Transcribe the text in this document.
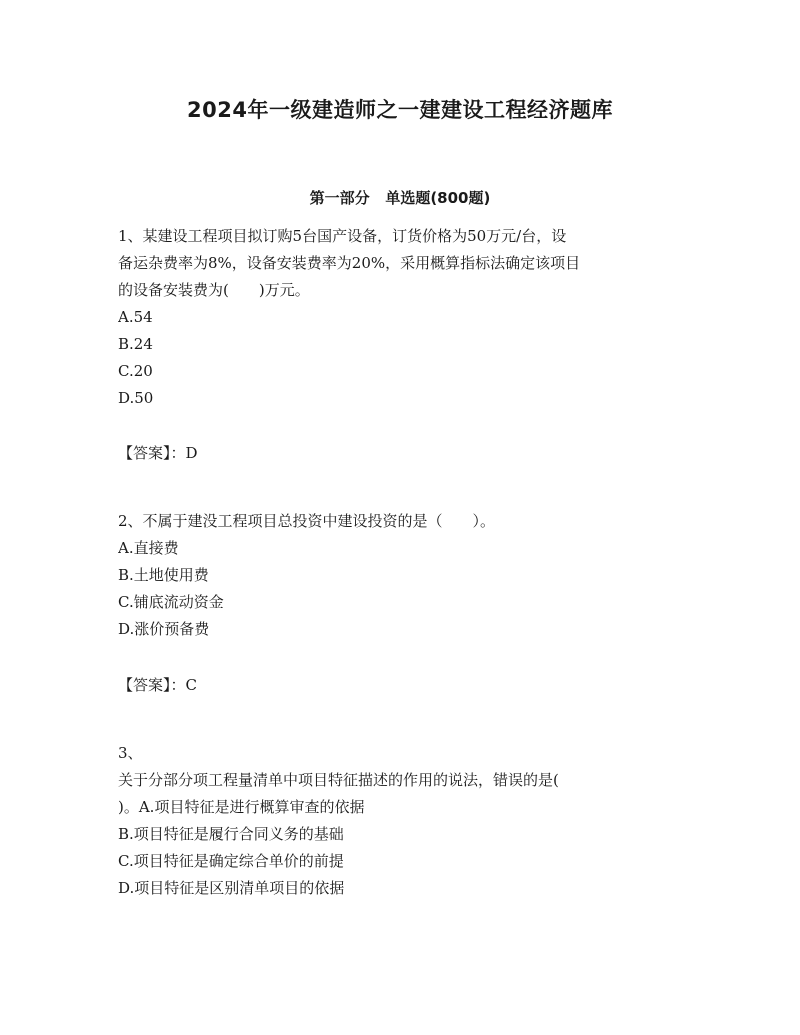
2024年一级建造师之一建建设工程经济题库
第一部分 单选题(800题)
1、某建设工程项目拟订购5台国产设备，订货价格为50万元/台，设
备运杂费率为8%，设备安装费率为20%，采用概算指标法确定该项目
的设备安装费为(　　)万元。
A.54
B.24
C.20
D.50
【答案】：D
2、不属于建没工程项目总投资中建设投资的是（　　）。
A.直接费
B.土地使用费
C.铺底流动资金
D.涨价预备费
【答案】：C
3、
关于分部分项工程量清单中项目特征描述的作用的说法，错误的是(
)。A.项目特征是进行概算审查的依据
B.项目特征是履行合同义务的基础
C.项目特征是确定综合单价的前提
D.项目特征是区别清单项目的依据
